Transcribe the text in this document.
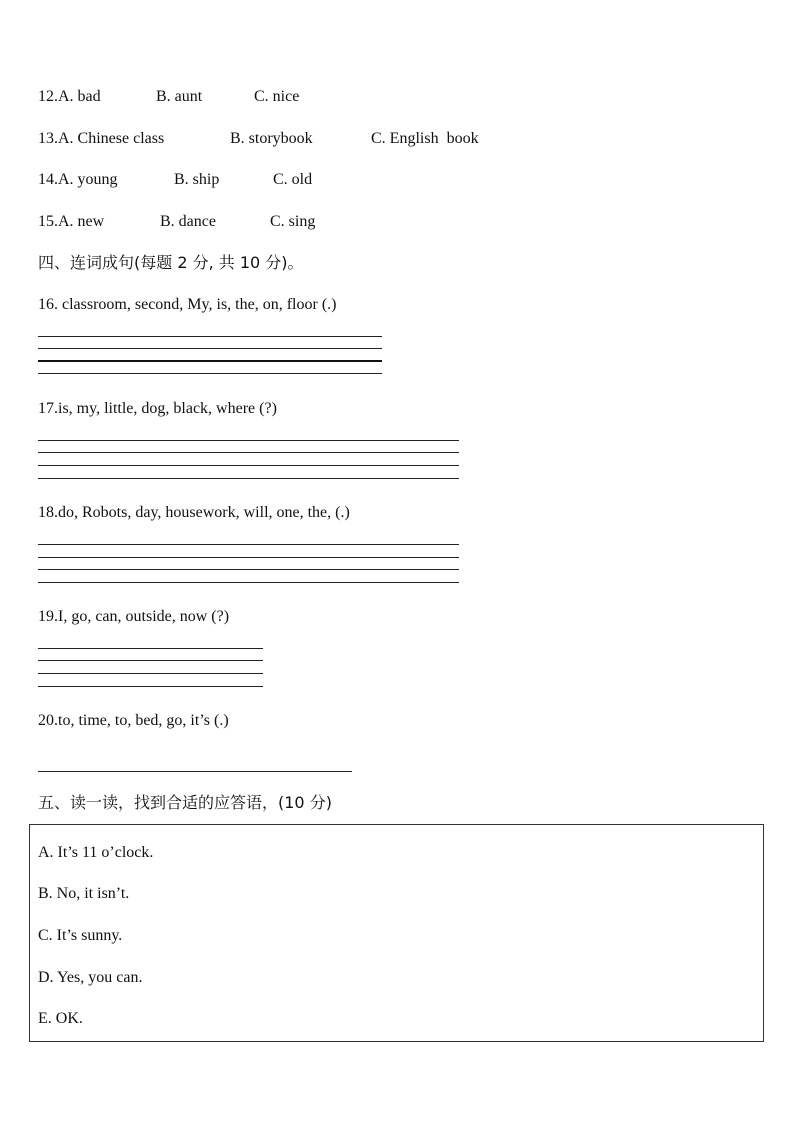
12.A. bad	B. aunt	C. nice
13.A. Chinese class	B. storybook	C. English  book
14.A. young	B. ship	C. old
15.A. new	B. dance	C. sing
四、连词成句(每题 2 分, 共 10 分)。
16. classroom, second, My, is, the, on, floor (.)
17.is, my, little, dog, black, where (?)
18.do, Robots, day, housework, will, one, the, (.)
19.I, go, can, outside, now (?)
20.to, time, to, bed, go, it’s (.)
五、读一读，找到合适的应答语，(10 分)
A. It’s 11 o’clock.
B. No, it isn’t.
C. It’s sunny.
D. Yes, you can.
E. OK.
